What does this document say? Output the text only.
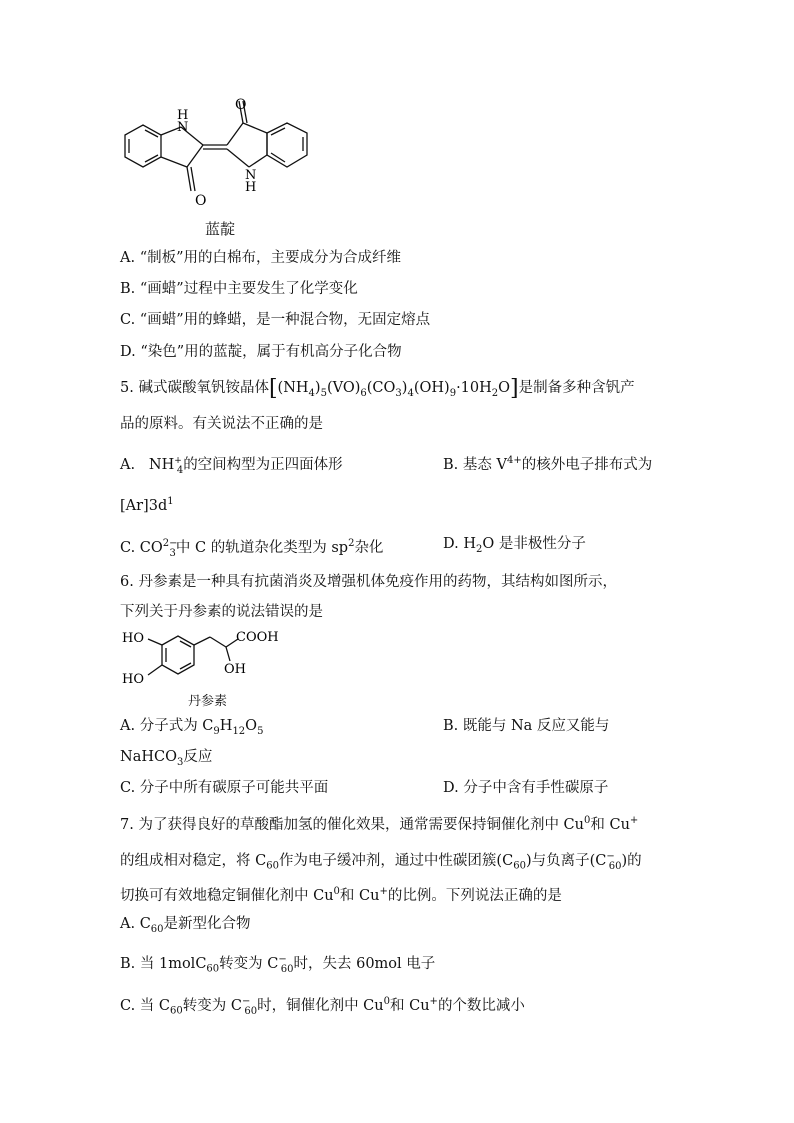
H
N
O
O
N
H
蓝靛
A. “制板”用的白棉布，主要成分为合成纤维
B. “画蜡”过程中主要发生了化学变化
C. “画蜡”用的蜂蜡，是一种混合物，无固定熔点
D. “染色”用的蓝靛，属于有机高分子化合物
5. 碱式碳酸氧钒铵晶体$[(NH_4)_5(VO)_6(CO_3)_4(OH)_9\cdot 10H_2O]$是制备多种含钒产
品的原料。有关说法不正确的是
A. $NH^+_4$的空间构型为正四面体形	B. 基态 $V^{4+}$的核外电子排布式为
$[Ar]3d^1$
C. $CO^{2-}_3$中 C 的轨道杂化类型为 $sp^2$杂化	D. $H_2O$ 是非极性分子
6. 丹参素是一种具有抗菌消炎及增强机体免疫作用的药物，其结构如图所示，
下列关于丹参素的说法错误的是
HO
HO
COOH
OH
丹参素
A. 分子式为 $C_9H_{12}O_5$	B. 既能与 Na 反应又能与
NaHCO$_3$反应
C. 分子中所有碳原子可能共平面	D. 分子中含有手性碳原子
7. 为了获得良好的草酸酯加氢的催化效果，通常需要保持铜催化剂中 Cu$^0$和 Cu+
的组成相对稳定，将 $C_{60}$作为电子缓冲剂，通过中性碳团簇$(C_{60})$与负离子$(C^-_{60})$的
切换可有效地稳定铜催化剂中 Cu$^0$和 Cu+的比例。下列说法正确的是
A. $C_{60}$是新型化合物
B. 当 1molC$_{60}$转变为 $C^-_{60}$时，失去 60mol 电子
C. 当 $C_{60}$转变为 $C^-_{60}$时，铜催化剂中 Cu$^0$和 Cu+的个数比减小
